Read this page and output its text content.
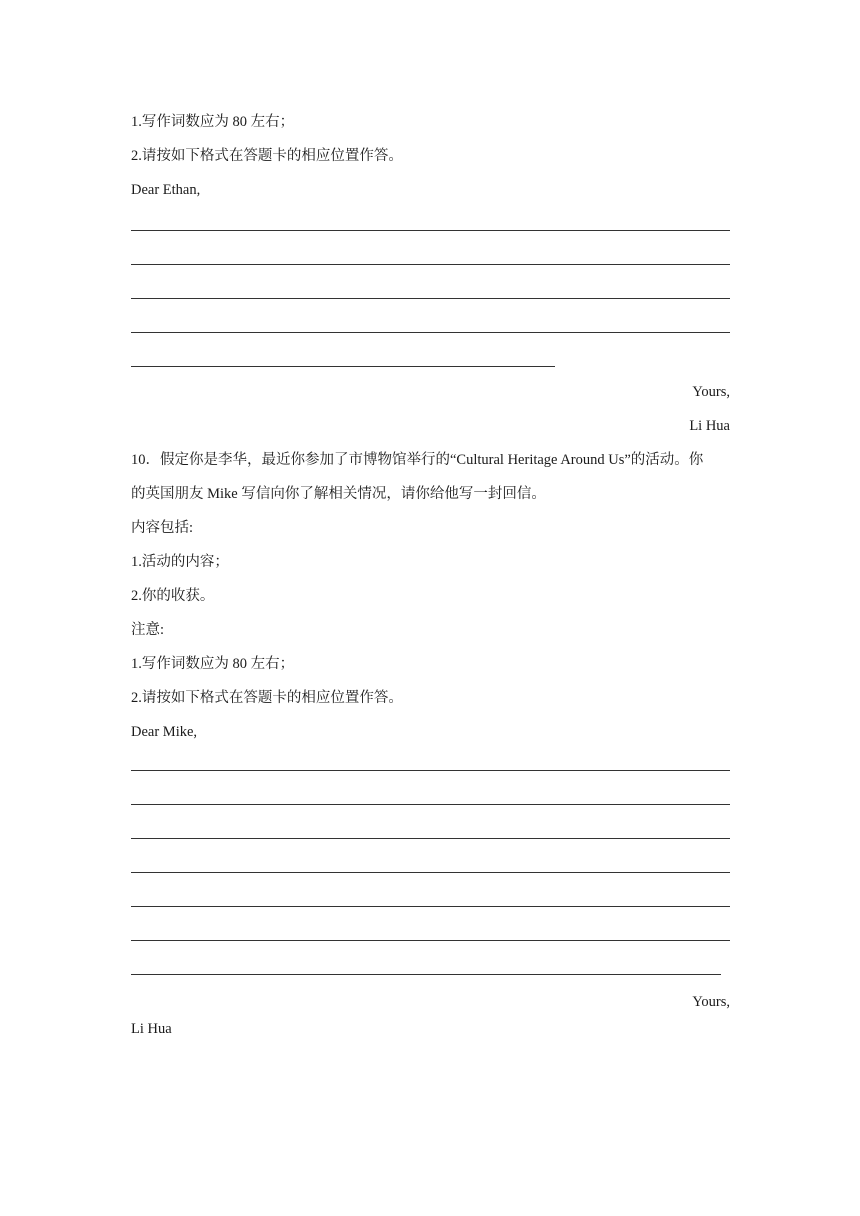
1.写作词数应为 80 左右；
2.请按如下格式在答题卡的相应位置作答。
Dear Ethan,
Yours,
Li Hua
10．假定你是李华，最近你参加了市博物馆举行的“Cultural Heritage Around Us”的活动。你
的英国朋友 Mike 写信向你了解相关情况，请你给他写一封回信。
内容包括:
1.活动的内容；
2.你的收获。
注意:
1.写作词数应为 80 左右；
2.请按如下格式在答题卡的相应位置作答。
Dear Mike,
Yours,
Li Hua
